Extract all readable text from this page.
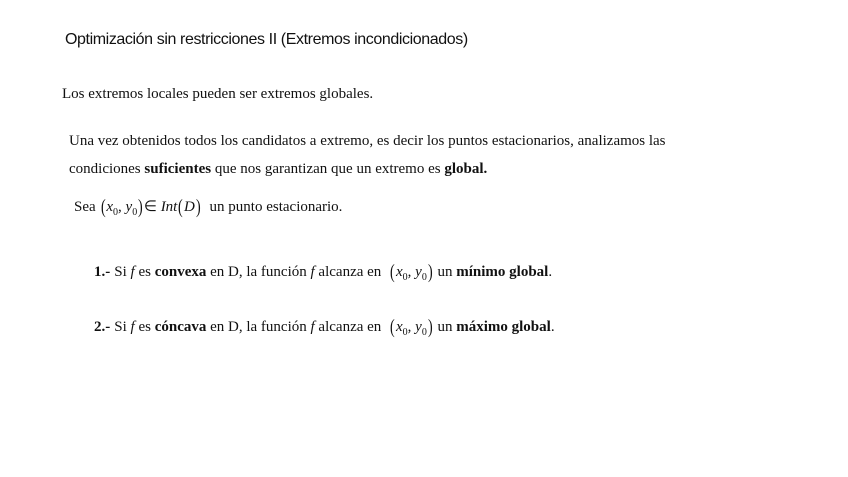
Optimización sin restricciones II (Extremos incondicionados)
Los extremos locales pueden ser extremos globales.
Una vez obtenidos todos los candidatos a extremo, es decir los puntos estacionarios, analizamos las
condiciones suficientes que nos garantizan que un extremo es global.
Sea ($x_0$, $y_0)\in$ Int(D) un punto estacionario.
1.- Si f es convexa en D, la función f alcanza en ($x_0$, $y_0$) un mínimo global.
2.- Si f es cóncava en D, la función f alcanza en ($x_0$, $y_0$) un máximo global.
